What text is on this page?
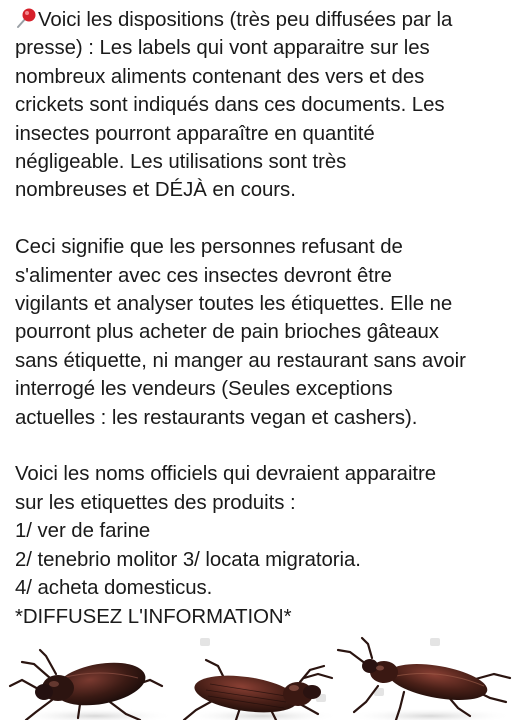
Voici les dispositions (très peu diffusées par la
presse) : Les labels qui vont apparaitre sur les
nombreux aliments contenant des vers et des
crickets sont indiqués dans ces documents. Les
insectes pourront apparaître en quantité
négligeable. Les utilisations sont très
nombreuses et DÉJÀ en cours.

Ceci signifie que les personnes refusant de
s'alimenter avec ces insectes devront être
vigilants et analyser toutes les étiquettes. Elle ne
pourront plus acheter de pain brioches gâteaux
sans étiquette, ni manger au restaurant sans avoir
interrogé les vendeurs (Seules exceptions
actuelles : les restaurants vegan et cashers).

Voici les noms officiels qui devraient apparaitre
sur les etiquettes des produits :
1/ ver de farine
2/ tenebrio molitor 3/ locata migratoria.
4/ acheta domesticus.
*DIFFUSEZ L'INFORMATION*
